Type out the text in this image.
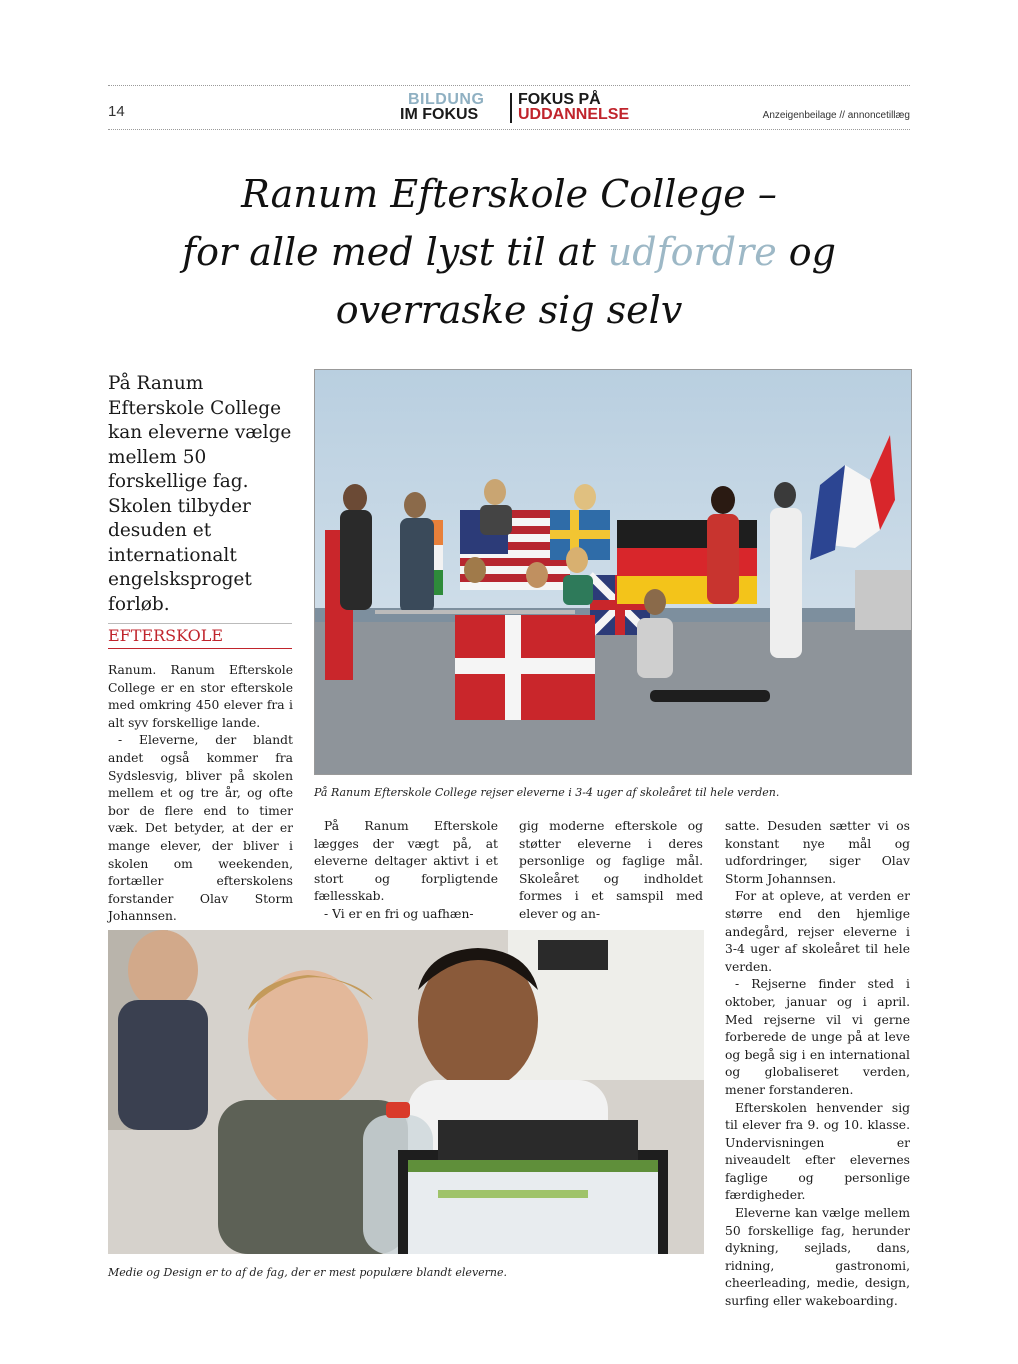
14
BILDUNG
IM FOKUS
FOKUS PÅ
UDDANNELSE	Anzeigenbeilage // annoncetillæg
Ranum Efterskole College –
for alle med lyst til at udfordre og
overraske sig selv
På Ranum Efterskole College kan eleverne vælge mellem 50 forskellige fag. Skolen tilbyder desuden et internationalt engelsksproget forløb.
EFTERSKOLE
På Ranum Efterskole College rejser eleverne i 3-4 uger af skoleåret til hele verden.

Ranum. Ranum Efterskole College er en stor efterskole med omkring 450 elever fra i alt syv forskellige lande.

- Eleverne, der blandt andet også kommer fra Sydslesvig, bliver på skolen mellem et og tre år, og ofte bor de flere end to timer væk. Det betyder, at der er mange elever, der bliver i skolen om weekenden, fortæller efterskolens forstander Olav Storm Johannsen.

På Ranum Efterskole lægges der vægt på, at eleverne deltager aktivt i et stort og forpligtende fællesskab.

- Vi er en fri og uafhæn-

gig moderne efterskole og støtter eleverne i deres personlige og faglige mål. Skoleåret og indholdet formes i et samspil med elever og an-

satte. Desuden sætter vi os konstant nye mål og udfordringer, siger Olav Storm Johannsen.

For at opleve, at verden er større end den hjemlige andegård, rejser eleverne i 3-4 uger af skoleåret til hele verden.

- Rejserne finder sted i oktober, januar og i april. Med rejserne vil vi gerne forberede de unge på at leve og begå sig i en international og globaliseret verden, mener forstanderen.

Efterskolen henvender sig til elever fra 9. og 10. klasse. Undervisningen er niveaudelt efter elevernes faglige og personlige færdigheder.

Eleverne kan vælge mellem 50 forskellige fag, herunder dykning, sejlads, dans, ridning, gastronomi, cheerleading, medie, design, surfing eller wakeboarding.

Medie og Design er to af de fag, der er mest populære blandt eleverne.
